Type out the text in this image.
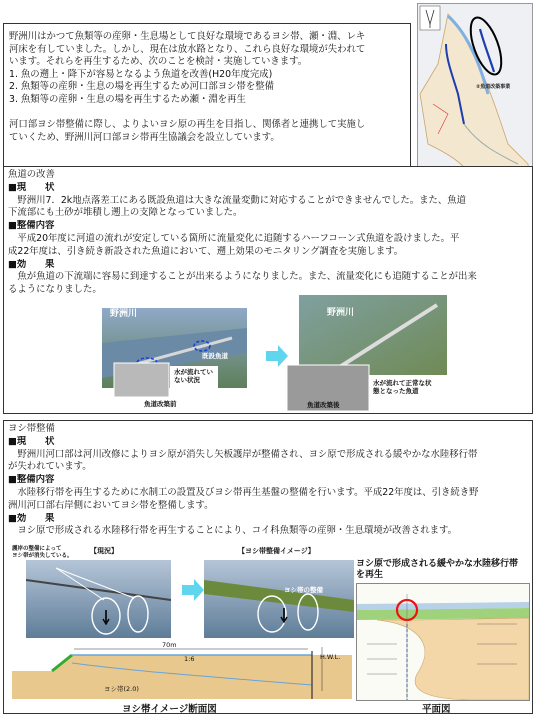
野洲川はかつて魚類等の産卵・生息場として良好な環境であるヨシ帯、瀬・淵、レキ
河床を有していました。しかし、現在は放水路となり、これら良好な環境が失われて
います。それらを再生するため、次のことを検討・実施していきます。
1. 魚の遡上・降下が容易となるよう魚道を改善(H20年度完成)
2. 魚類等の産卵・生息の場を再生するため河口部ヨシ帯を整備
3. 魚類等の産卵・生息の場を再生するため瀬・淵を再生
河口部ヨシ帯整備に際し、よりよいヨシ原の再生を目指し、関係者と連携して実施し
ていくため、野洲川河口部ヨシ帯再生協議会を設立しています。
②魚道改築事業
魚道の改善
■現　　状
　野洲川7．2k地点落差工にある既設魚道は大きな流量変動に対応することができませんでした。また、魚道
下流部にも土砂が堆積し遡上の支障となっていました。
■整備内容
　平成20年度に河道の流れが安定している箇所に流量変化に追随するハーフコーン式魚道を設けました。平
成22年度は、引き続き新設された魚道において、遡上効果のモニタリング調査を実施します。
■効　　果
　魚が魚道の下流端に容易に到達することが出来るようになりました。また、流量変化にも追随することが出来
るようになりました。
野洲川
既設魚道
水が流れてい
ない状況
魚道改築前
野洲川
水が流れて正常な状
態となった魚道
魚道改築後
ヨシ帯整備
■現　　状
　野洲川河口部は河川改修によりヨシ原が消失し矢板護岸が整備され、ヨシ原で形成される緩やかな水陸移行帯
が失われています。
■整備内容
　水陸移行帯を再生するために水制工の設置及びヨシ帯再生基盤の整備を行います。平成22年度は、引き続き野
洲川河口部右岸側においてヨシ帯を整備します。
■効　　果
　ヨシ原で形成される水陸移行帯を再生することにより、コイ科魚類等の産卵・生息環境が改善されます。
護岸の整備によって
ヨシ帯が消失している。
【現況】	【ヨシ帯整備イメージ】
ヨシ帯の整備
ヨシ原で形成される緩やかな水陸移行帯
を再生
70m
1:6	H.W.L.
ヨシ帯(2.0)
ヨシ帯イメージ断面図	平面図
